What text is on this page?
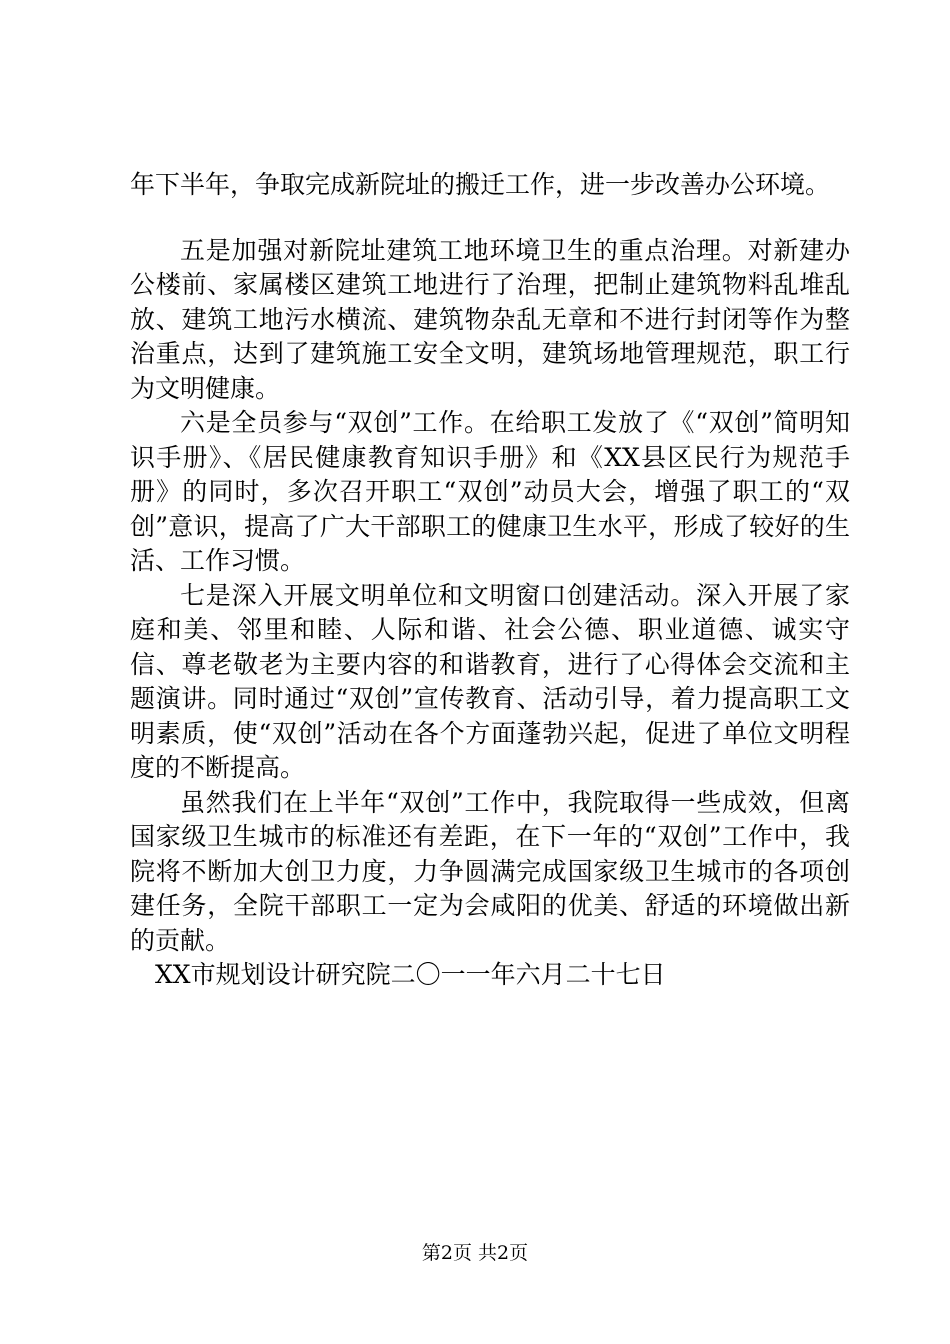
年下半年，争取完成新院址的搬迁工作，进一步改善办公环境。

五是加强对新院址建筑工地环境卫生的重点治理。对新建办公楼前、家属楼区建筑工地进行了治理，把制止建筑物料乱堆乱放、建筑工地污水横流、建筑物杂乱无章和不进行封闭等作为整治重点，达到了建筑施工安全文明，建筑场地管理规范，职工行为文明健康。

六是全员参与“双创”工作。在给职工发放了《“双创”简明知识手册》、《居民健康教育知识手册》和《XX县区民行为规范手册》的同时，多次召开职工“双创”动员大会，增强了职工的“双创”意识，提高了广大干部职工的健康卫生水平，形成了较好的生活、工作习惯。

七是深入开展文明单位和文明窗口创建活动。深入开展了家庭和美、邻里和睦、人际和谐、社会公德、职业道德、诚实守信、尊老敬老为主要内容的和谐教育，进行了心得体会交流和主题演讲。同时通过“双创”宣传教育、活动引导，着力提高职工文明素质，使“双创”活动在各个方面蓬勃兴起，促进了单位文明程度的不断提高。

虽然我们在上半年“双创”工作中，我院取得一些成效，但离国家级卫生城市的标准还有差距，在下一年的“双创”工作中，我院将不断加大创卫力度，力争圆满完成国家级卫生城市的各项创建任务，全院干部职工一定为会咸阳的优美、舒适的环境做出新的贡献。

XX市规划设计研究院二〇一一年六月二十七日

第2页 共2页
